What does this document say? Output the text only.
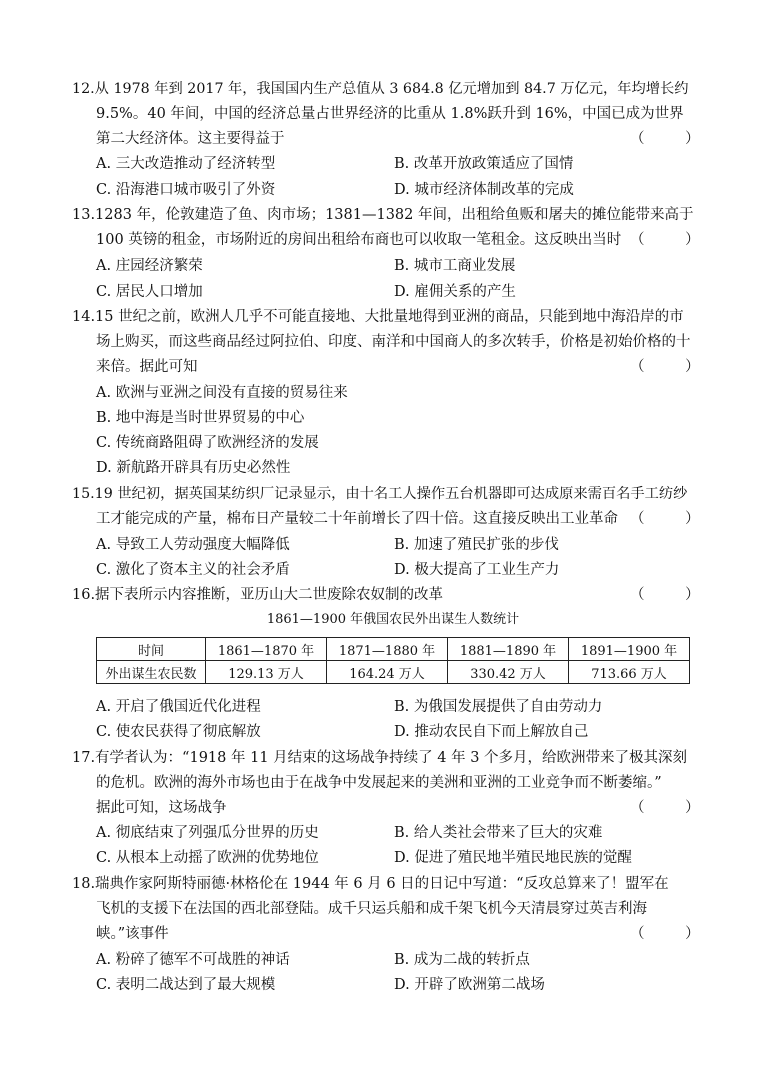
12.从 1978 年到 2017 年，我国国内生产总值从 3 684.8 亿元增加到 84.7 万亿元，年均增长约
9.5%。40 年间，中国的经济总量占世界经济的比重从 1.8%跃升到 16%，中国已成为世界
第二大经济体。这主要得益于	（ ）
A. 三大改造推动了经济转型	B. 改革开放政策适应了国情
C. 沿海港口城市吸引了外资	D. 城市经济体制改革的完成
13.1283 年，伦敦建造了鱼、肉市场；1381—1382 年间，出租给鱼贩和屠夫的摊位能带来高于
100 英镑的租金，市场附近的房间出租给布商也可以收取一笔租金。这反映出当时 （ ）
A. 庄园经济繁荣	B. 城市工商业发展
C. 居民人口增加	D. 雇佣关系的产生
14.15 世纪之前，欧洲人几乎不可能直接地、大批量地得到亚洲的商品，只能到地中海沿岸的市
场上购买，而这些商品经过阿拉伯、印度、南洋和中国商人的多次转手，价格是初始价格的十
来倍。据此可知	（ ）
A. 欧洲与亚洲之间没有直接的贸易往来
B. 地中海是当时世界贸易的中心
C. 传统商路阻碍了欧洲经济的发展
D. 新航路开辟具有历史必然性
15.19 世纪初，据英国某纺织厂记录显示，由十名工人操作五台机器即可达成原来需百名手工纺纱
工才能完成的产量，棉布日产量较二十年前增长了四十倍。这直接反映出工业革命 （ ）
A. 导致工人劳动强度大幅降低	B. 加速了殖民扩张的步伐
C. 激化了资本主义的社会矛盾	D. 极大提高了工业生产力
16.据下表所示内容推断，亚历山大二世废除农奴制的改革	（ ）
1861—1900 年俄国农民外出谋生人数统计
时间	1861—1870 年	1871—1880 年	1881—1890 年	1891—1900 年
外出谋生农民数	129.13 万人	164.24 万人	330.42 万人	713.66 万人
A. 开启了俄国近代化进程	B. 为俄国发展提供了自由劳动力
C. 使农民获得了彻底解放	D. 推动农民自下而上解放自己
17.有学者认为：“1918 年 11 月结束的这场战争持续了 4 年 3 个多月，给欧洲带来了极其深刻
的危机。欧洲的海外市场也由于在战争中发展起来的美洲和亚洲的工业竞争而不断萎缩。”
据此可知，这场战争	（ ）
A. 彻底结束了列强瓜分世界的历史	B. 给人类社会带来了巨大的灾难
C. 从根本上动摇了欧洲的优势地位	D. 促进了殖民地半殖民地民族的觉醒
18.瑞典作家阿斯特丽德·林格伦在 1944 年 6 月 6 日的日记中写道：“反攻总算来了！盟军在
飞机的支援下在法国的西北部登陆。成千只运兵船和成千架飞机今天清晨穿过英吉利海
峡。”该事件	（ ）
A. 粉碎了德军不可战胜的神话	B. 成为二战的转折点
C. 表明二战达到了最大规模	D. 开辟了欧洲第二战场
